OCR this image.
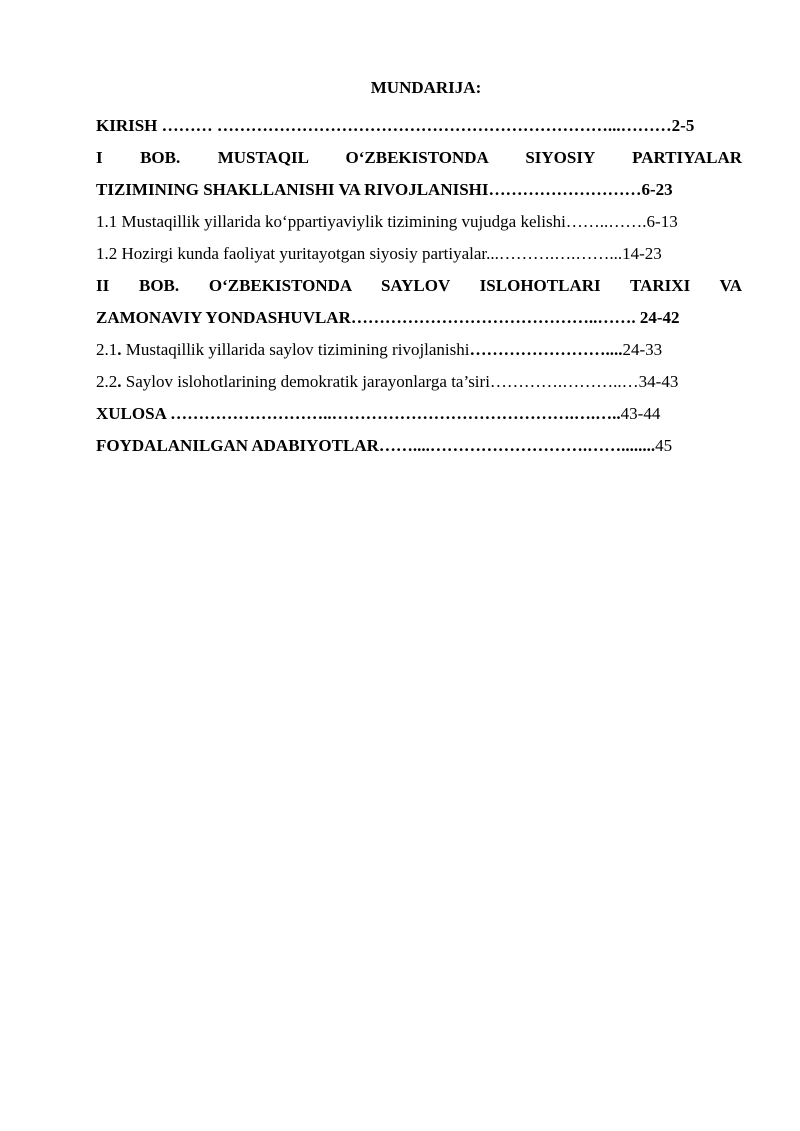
MUNDARIJA:
KIRISH ……… ……………………………………………………………...………2-5
I BOB. MUSTAQIL O‘ZBEKISTONDA SIYOSIY PARTIYALAR
TIZIMINING SHAKLLANISHI VA RIVOJLANISHI………………………6-23
1.1 Mustaqillik yillarida ko‘ppartiyaviylik tizimining vujudga kelishi……..…….6-13
1.2 Hozirgi kunda faoliyat yuritayotgan siyosiy partiyalar...……….….……...14-23
II BOB. O‘ZBEKISTONDA SAYLOV ISLOHOTLARI TARIXI VA
ZAMONAVIY YONDASHUVLAR……………………………………..……. 24-42
2.1. Mustaqillik yillarida saylov tizimining rivojlanishi……………………....24-33
2.2. Saylov islohotlarining demokratik jarayonlarga ta’siri………….………..…34-43
XULOSA ………………………..…………………………………….….…..43-44
FOYDALANILGAN ADABIYOTLAR……....……………………….……........45
